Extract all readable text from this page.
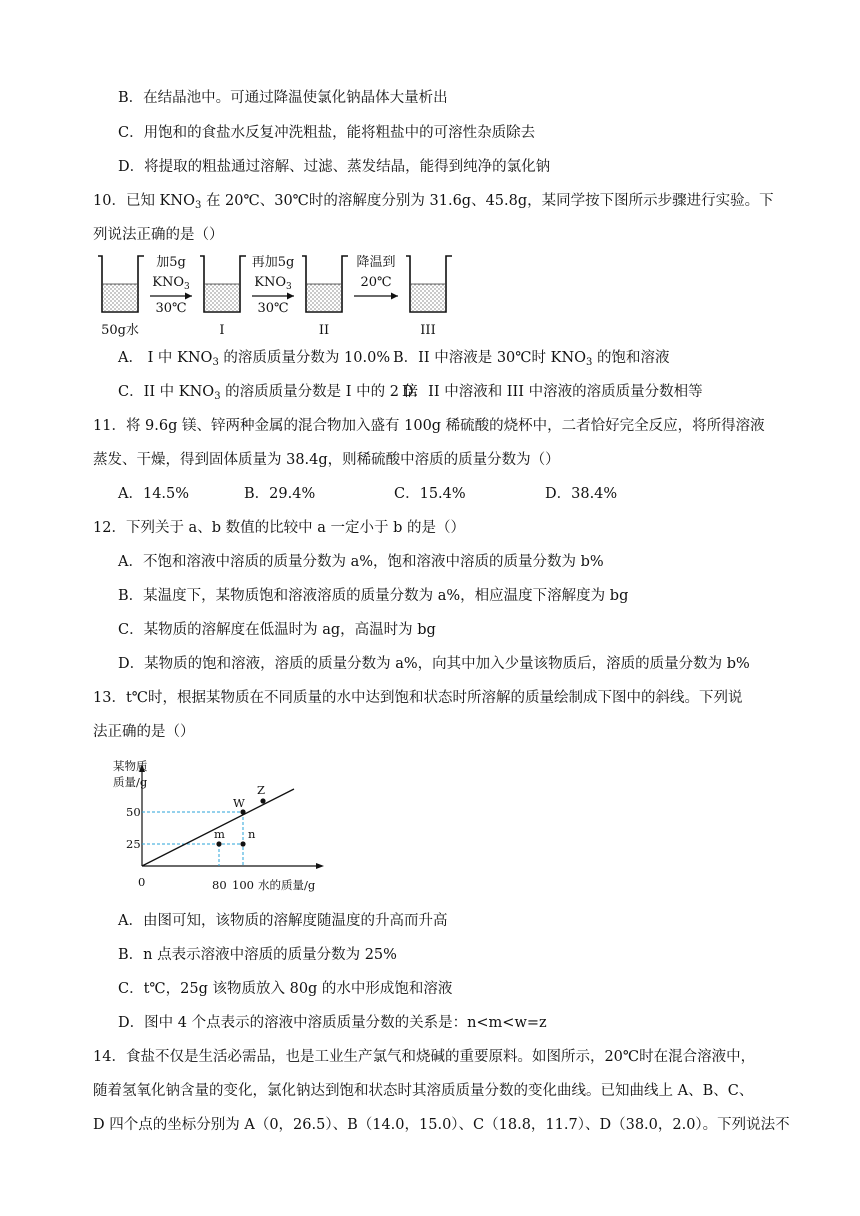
B．在结晶池中。可通过降温使氯化钠晶体大量析出
C．用饱和的食盐水反复冲洗粗盐，能将粗盐中的可溶性杂质除去
D．将提取的粗盐通过溶解、过滤、蒸发结晶，能得到纯净的氯化钠
10．已知 $KNO_3$ 在 20℃、30℃时的溶解度分别为 31.6g、45.8g，某同学按下图所示步骤进行实验。下
列说法正确的是（）
加5g
$KNO_3$
30℃
再加5g
$KNO_3$
30℃
降温到
20℃
50g水	I	II	III
A． I 中 $KNO_3$ 的溶质质量分数为 10.0% B．II 中溶液是 30℃时 $KNO_3$ 的饱和溶液
C．II 中 $KNO_3$ 的溶质质量分数是 I 中的 2 倍
D．II 中溶液和 III 中溶液的溶质质量分数相等
11．将 9.6g 镁、锌两种金属的混合物加入盛有 100g 稀硫酸的烧杯中，二者恰好完全反应，将所得溶液
蒸发、干燥，得到固体质量为 38.4g，则稀硫酸中溶质的质量分数为（）
A．14.5%	B．29.4%	C．15.4%	D．38.4%
12．下列关于 a、b 数值的比较中 a 一定小于 b 的是（）
A．不饱和溶液中溶质的质量分数为 a%，饱和溶液中溶质的质量分数为 b%
B．某温度下，某物质饱和溶液溶质的质量分数为 a%，相应温度下溶解度为 bg
C．某物质的溶解度在低温时为 ag，高温时为 bg
D．某物质的饱和溶液，溶质的质量分数为 a%，向其中加入少量该物质后，溶质的质量分数为 b%
13．t℃时，根据某物质在不同质量的水中达到饱和状态时所溶解的质量绘制成下图中的斜线。下列说
法正确的是（）
某物质
质量/g
50
25
0	80 100 水的质量/g
W
Z
m n
A．由图可知，该物质的溶解度随温度的升高而升高
B．n 点表示溶液中溶质的质量分数为 25%
C．t℃，25g 该物质放入 80g 的水中形成饱和溶液
D．图中 4 个点表示的溶液中溶质质量分数的关系是：n<m<w=z
14．食盐不仅是生活必需品，也是工业生产氯气和烧碱的重要原料。如图所示，20℃时在混合溶液中，
随着氢氧化钠含量的变化，氯化钠达到饱和状态时其溶质质量分数的变化曲线。已知曲线上 A、B、C、
D 四个点的坐标分别为 A（0，26.5）、B（14.0，15.0）、C（18.8，11.7）、D（38.0，2.0）。下列说法不
